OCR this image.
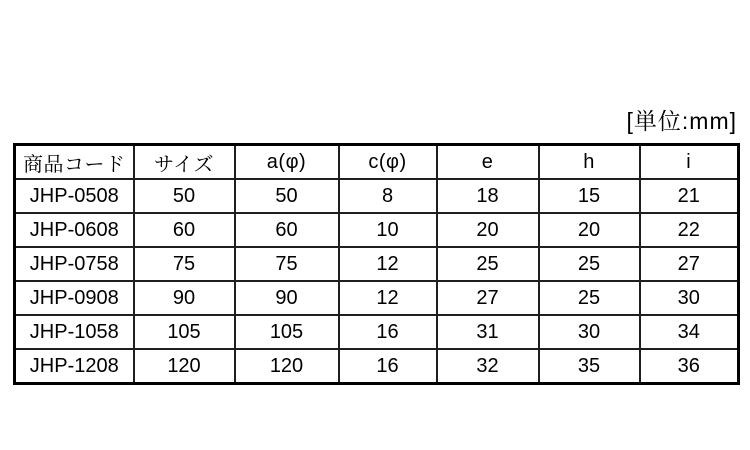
[単位:mm]
商品コード	サイズ	a(φ)	c(φ)	e	h	i
JHP-0508	50	50	8	18	15	21
JHP-0608	60	60	10	20	20	22
JHP-0758	75	75	12	25	25	27
JHP-0908	90	90	12	27	25	30
JHP-1058	105	105	16	31	30	34
JHP-1208	120	120	16	32	35	36
